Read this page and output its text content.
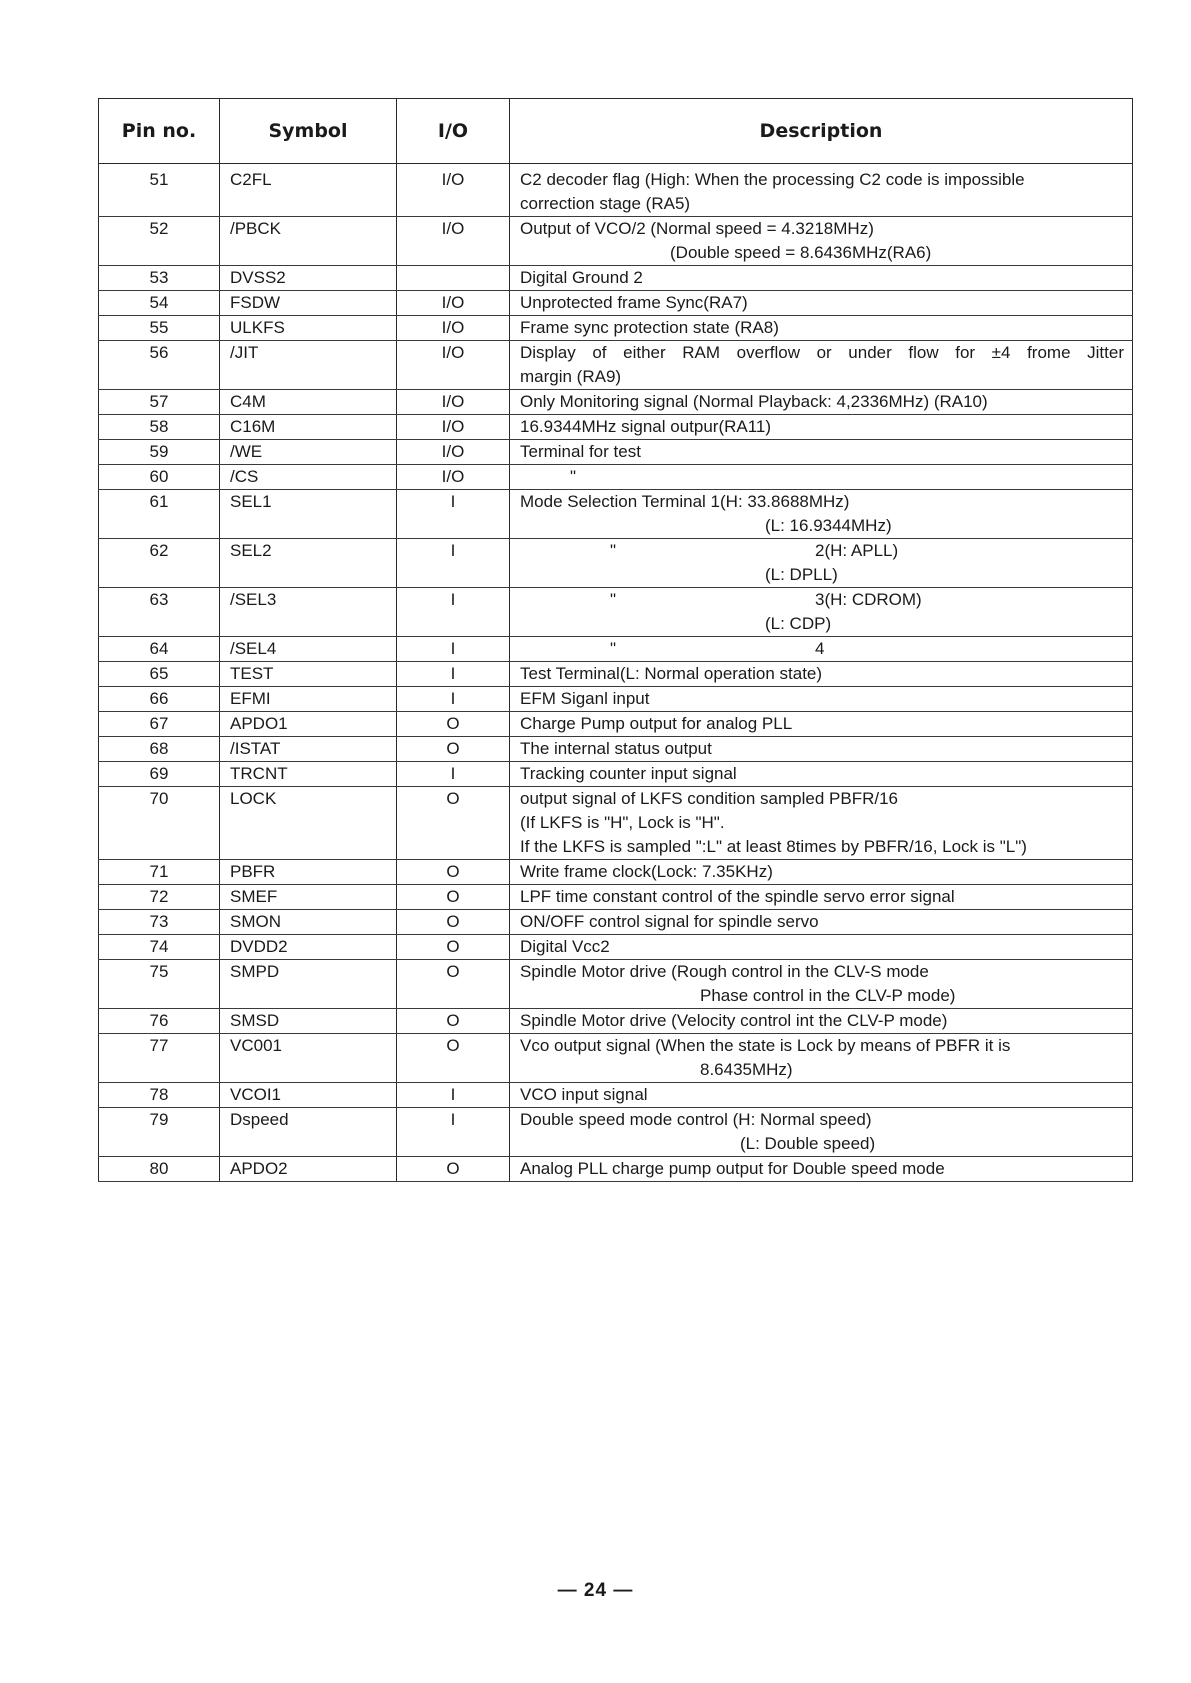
Pin no.	Symbol	I/O	Description
51	C2FL	I/O	C2 decoder flag (High: When the processing C2 code is impossible
correction stage (RA5)

52	/PBCK	I/O	Output of VCO/2 (Normal speed = 4.3218MHz)
(Double speed = 8.6436MHz(RA6)

53	DVSS2		Digital Ground 2

54	FSDW	I/O	Unprotected frame Sync(RA7)

55	ULKFS	I/O	Frame sync protection state (RA8)

56	/JIT	I/O	Display of either RAM overflow or under flow for ±4 frome Jitter
margin (RA9)

57	C4M	I/O	Only Monitoring signal (Normal Playback: 4,2336MHz) (RA10)

58	C16M	I/O	16.9344MHz signal outpur(RA11)

59	/WE	I/O	Terminal for test

60	/CS	I/O	"

61	SEL1	I	Mode Selection Terminal 1(H: 33.8688MHz)
(L: 16.9344MHz)

62	SEL2	I	" 2(H: APLL)
(L: DPLL)

63	/SEL3	I	" 3(H: CDROM)
(L: CDP)

64	/SEL4	I	" 4

65	TEST	I	Test Terminal(L: Normal operation state)

66	EFMI	I	EFM Siganl input

67	APDO1	O	Charge Pump output for analog PLL

68	/ISTAT	O	The internal status output

69	TRCNT	I	Tracking counter input signal

70	LOCK	O	output signal of LKFS condition sampled PBFR/16
(If LKFS is "H", Lock is "H".
If the LKFS is sampled ":L" at least 8times by PBFR/16, Lock is "L")

71	PBFR	O	Write frame clock(Lock: 7.35KHz)

72	SMEF	O	LPF time constant control of the spindle servo error signal

73	SMON	O	ON/OFF control signal for spindle servo

74	DVDD2	O	Digital Vcc2

75	SMPD	O	Spindle Motor drive (Rough control in the CLV-S mode
Phase control in the CLV-P mode)

76	SMSD	O	Spindle Motor drive (Velocity control int the CLV-P mode)

77	VC001	O	Vco output signal (When the state is Lock by means of PBFR it is
8.6435MHz)

78	VCOI1	I	VCO input signal

79	Dspeed	I	Double speed mode control (H: Normal speed)
(L: Double speed)

80	APDO2	O	Analog PLL charge pump output for Double speed mode
— 24 —
